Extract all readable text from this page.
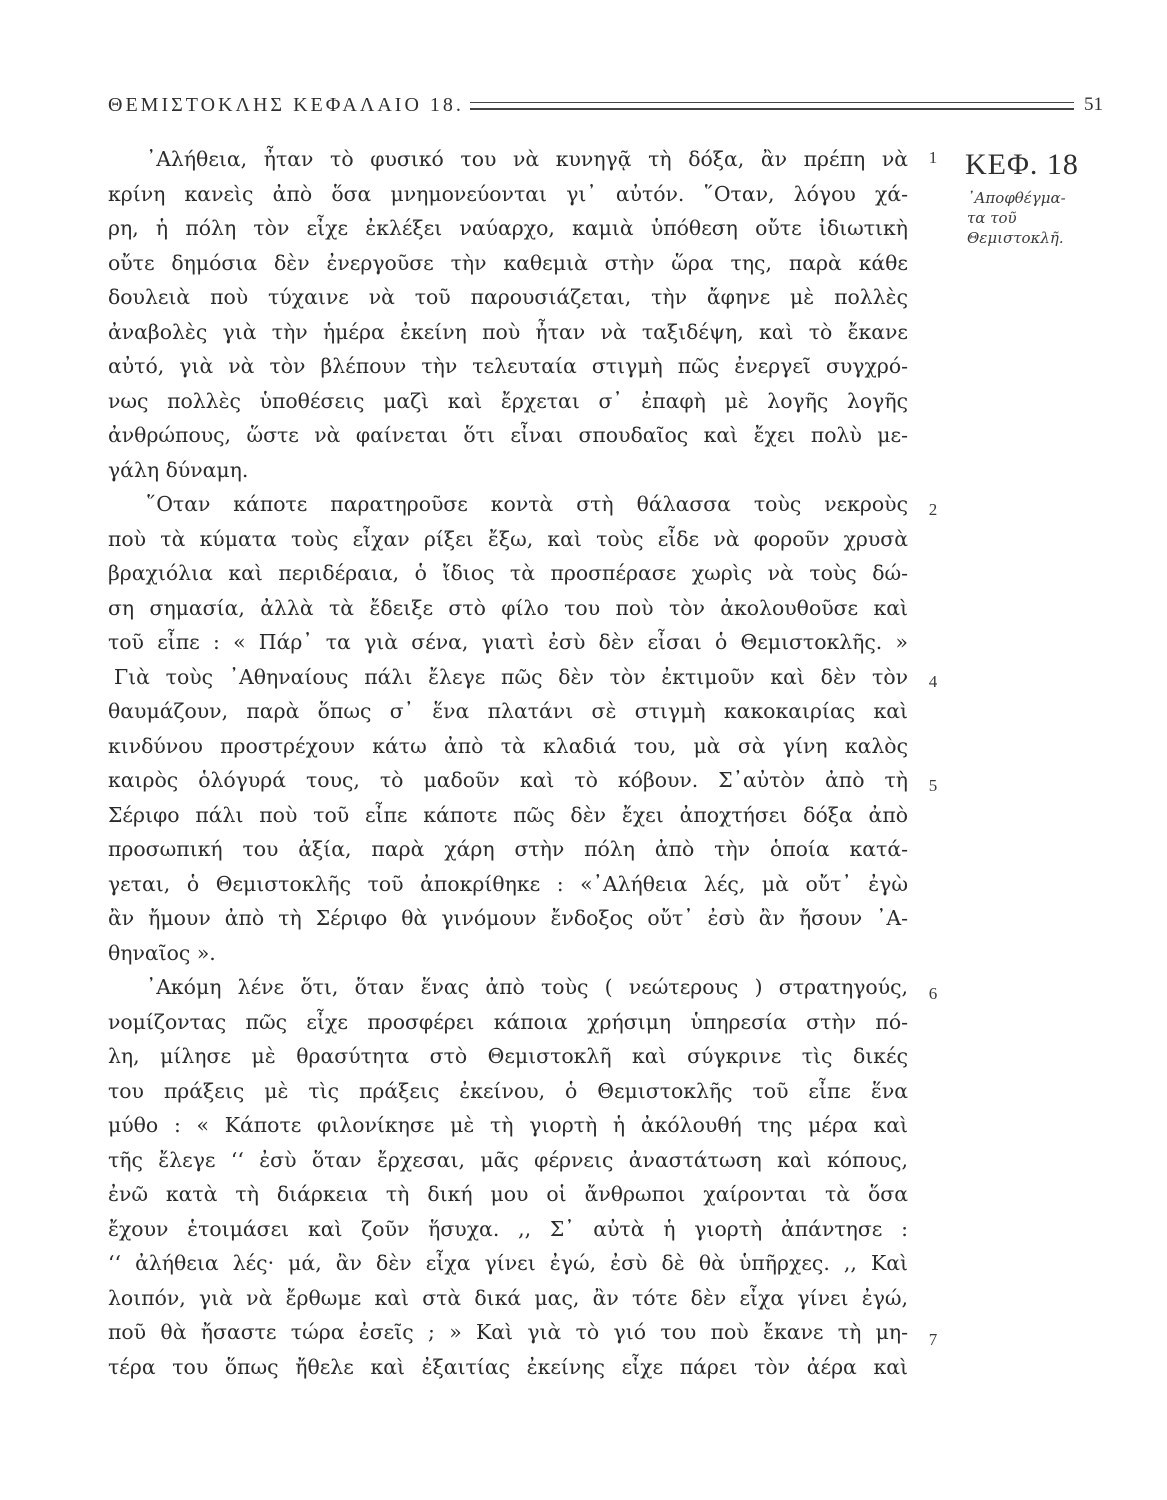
ΘΕΜΙΣΤΟΚΛΗΣ ΚΕΦΑΛΑΙΟ 18.	51
ΚΕΦ. 18
᾿Αποφθέγμα-
τα τοῦ
Θεμιστοκλῆ.
᾿Αλήθεια, ἦταν τὸ φυσικό του νὰ κυνηγᾷ τὴ δόξα, ἂν πρέπη νὰ
κρίνη κανεὶς ἀπὸ ὅσα μνημονεύονται γι᾿ αὐτόν. ῞Οταν, λόγου χά-
ρη, ἡ πόλη τὸν εἶχε ἐκλέξει ναύαρχο, καμιὰ ὑπόθεση οὔτε ἰδιωτικὴ
οὔτε δημόσια δὲν ἐνεργοῦσε τὴν καθεμιὰ στὴν ὥρα της, παρὰ κάθε
δουλειὰ ποὺ τύχαινε νὰ τοῦ παρουσιάζεται, τὴν ἄφηνε μὲ πολλὲς
ἀναβολὲς γιὰ τὴν ἡμέρα ἐκείνη ποὺ ἦταν νὰ ταξιδέψη, καὶ τὸ ἔκανε
αὐτό, γιὰ νὰ τὸν βλέπουν τὴν τελευταία στιγμὴ πῶς ἐνεργεῖ συγχρό-
νως πολλὲς ὑποθέσεις μαζὶ καὶ ἔρχεται σ᾿ ἐπαφὴ μὲ λογῆς λογῆς
ἀνθρώπους, ὥστε νὰ φαίνεται ὅτι εἶναι σπουδαῖος καὶ ἔχει πολὺ με-
γάλη δύναμη.
῞Οταν κάποτε παρατηροῦσε κοντὰ στὴ θάλασσα τοὺς νεκροὺς
ποὺ τὰ κύματα τοὺς εἶχαν ρίξει ἔξω, καὶ τοὺς εἶδε νὰ φοροῦν χρυσὰ
βραχιόλια καὶ περιδέραια, ὁ ἴδιος τὰ προσπέρασε χωρὶς νὰ τοὺς δώ-
ση σημασία, ἀλλὰ τὰ ἔδειξε στὸ φίλο του ποὺ τὸν ἀκολουθοῦσε καὶ
τοῦ εἶπε : « Πάρ᾿ τα γιὰ σένα, γιατὶ ἐσὺ δὲν εἶσαι ὁ Θεμιστοκλῆς. »
Γιὰ τοὺς ᾿Αθηναίους πάλι ἔλεγε πῶς δὲν τὸν ἐκτιμοῦν καὶ δὲν τὸν
θαυμάζουν, παρὰ ὅπως σ᾿ ἕνα πλατάνι σὲ στιγμὴ κακοκαιρίας καὶ
κινδύνου προστρέχουν κάτω ἀπὸ τὰ κλαδιά του, μὰ σὰ γίνη καλὸς
καιρὸς ὁλόγυρά τους, τὸ μαδοῦν καὶ τὸ κόβουν. Σ᾿αὐτὸν ἀπὸ τὴ
Σέριφο πάλι ποὺ τοῦ εἶπε κάποτε πῶς δὲν ἔχει ἀποχτήσει δόξα ἀπὸ
προσωπική του ἀξία, παρὰ χάρη στὴν πόλη ἀπὸ τὴν ὁποία κατά-
γεται, ὁ Θεμιστοκλῆς τοῦ ἀποκρίθηκε : «᾿Αλήθεια λές, μὰ οὔτ᾿ ἐγὼ
ἂν ἤμουν ἀπὸ τὴ Σέριφο θὰ γινόμουν ἔνδοξος οὔτ᾿ ἐσὺ ἂν ἤσουν ᾿Α-
θηναῖος ».
᾿Ακόμη λένε ὅτι, ὅταν ἕνας ἀπὸ τοὺς ( νεώτερους ) στρατηγούς,
νομίζοντας πῶς εἶχε προσφέρει κάποια χρήσιμη ὑπηρεσία στὴν πό-
λη, μίλησε μὲ θρασύτητα στὸ Θεμιστοκλῆ καὶ σύγκρινε τὶς δικές
του πράξεις μὲ τὶς πράξεις ἐκείνου, ὁ Θεμιστοκλῆς τοῦ εἶπε ἕνα
μύθο : « Κάποτε φιλονίκησε μὲ τὴ γιορτὴ ἡ ἀκόλουθή της μέρα καὶ
τῆς ἔλεγε ‘‘ ἐσὺ ὅταν ἔρχεσαι, μᾶς φέρνεις ἀναστάτωση καὶ κόπους,
ἐνῶ κατὰ τὴ διάρκεια τὴ δική μου οἱ ἄνθρωποι χαίρονται τὰ ὅσα
ἔχουν ἑτοιμάσει καὶ ζοῦν ἥσυχα. ,, Σ᾿ αὐτὰ ἡ γιορτὴ ἀπάντησε :
‘‘ ἀλήθεια λές· μά, ἂν δὲν εἶχα γίνει ἐγώ, ἐσὺ δὲ θὰ ὑπῆρχες. ,, Καὶ
λοιπόν, γιὰ νὰ ἔρθωμε καὶ στὰ δικά μας, ἂν τότε δὲν εἶχα γίνει ἐγώ,
ποῦ θὰ ἤσαστε τώρα ἐσεῖς ; » Καὶ γιὰ τὸ γιό του ποὺ ἔκανε τὴ μη-
τέρα του ὅπως ἤθελε καὶ ἐξαιτίας ἐκείνης εἶχε πάρει τὸν ἀέρα καὶ
1
2
4
5
6
7
